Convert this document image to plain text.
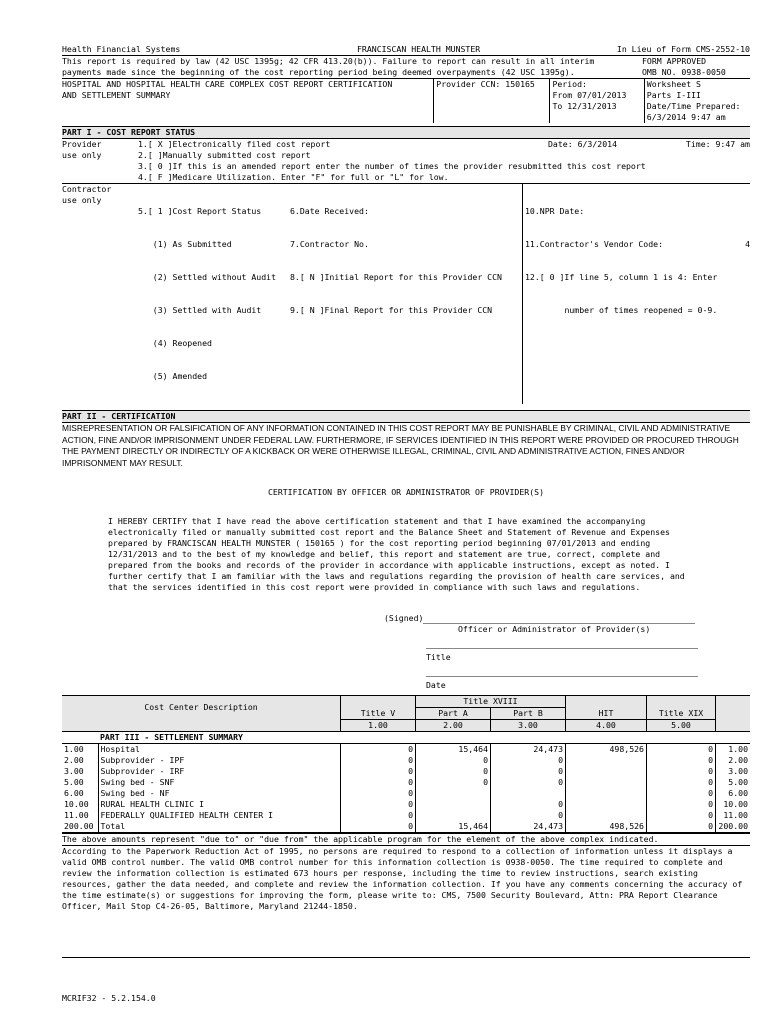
Health Financial Systems	FRANCISCAN HEALTH MUNSTER	In Lieu of Form CMS-2552-10
This report is required by law (42 USC 1395g; 42 CFR 413.20(b)). Failure to report can result in all interim	FORM APPROVED
payments made since the beginning of the cost reporting period being deemed overpayments (42 USC 1395g).	OMB NO. 0938-0050
HOSPITAL AND HOSPITAL HEALTH CARE COMPLEX COST REPORT CERTIFICATION
AND SETTLEMENT SUMMARY
Provider CCN: 150165	Period:
From 07/01/2013
To 12/31/2013
Worksheet S
Parts I-III
Date/Time Prepared:
6/3/2014 9:47 am
PART I - COST REPORT STATUS
Provider
use only
1.[ X ]Electronically filed cost report	Date: 6/3/2014	Time: 9:47 am
2.[ ]Manually submitted cost report
3.[ 0 ]If this is an amended report enter the number of times the provider resubmitted this cost report
4.[ F ]Medicare Utilization. Enter "F" for full or "L" for low.
Contractor
use only

5.[ 1 ]Cost Report Status

(1) As Submitted

(2) Settled without Audit

(3) Settled with Audit

(4) Reopened

(5) Amended

6.Date Received:

7.Contractor No.

8.[ N ]Initial Report for this Provider CCN

9.[ N ]Final Report for this Provider CCN

10.NPR Date:

11.Contractor's Vendor Code:	4

12.[ 0 ]If line 5, column 1 is 4: Enter

number of times reopened = 0-9.

PART II - CERTIFICATION
MISREPRESENTATION OR FALSIFICATION OF ANY INFORMATION CONTAINED IN THIS COST REPORT MAY BE PUNISHABLE BY CRIMINAL, CIVIL AND ADMINISTRATIVE ACTION, FINE AND/OR IMPRISONMENT UNDER FEDERAL LAW. FURTHERMORE, IF SERVICES IDENTIFIED IN THIS REPORT WERE PROVIDED OR PROCURED THROUGH THE PAYMENT DIRECTLY OR INDIRECTLY OF A KICKBACK OR WERE OTHERWISE ILLEGAL, CRIMINAL, CIVIL AND ADMINISTRATIVE ACTION, FINES AND/OR IMPRISONMENT MAY RESULT.
CERTIFICATION BY OFFICER OR ADMINISTRATOR OF PROVIDER(S)
I HEREBY CERTIFY that I have read the above certification statement and that I have examined the accompanying electronically filed or manually submitted cost report and the Balance Sheet and Statement of Revenue and Expenses prepared by FRANCISCAN HEALTH MUNSTER ( 150165 ) for the cost reporting period beginning 07/01/2013 and ending 12/31/2013 and to the best of my knowledge and belief, this report and statement are true, correct, complete and prepared from the books and records of the provider in accordance with applicable instructions, except as noted. I further certify that I am familiar with the laws and regulations regarding the provision of health care services, and that the services identified in this cost report were provided in compliance with such laws and regulations.
(Signed)
Officer or Administrator of Provider(s)
Title
Date
Cost Center Description			Title XVIII				
		Title V	Part A	Part B	HIT	Title XIX	
		1.00	2.00	3.00	4.00	5.00	
	PART III - SETTLEMENT SUMMARY						
1.00	Hospital	0	15,464	24,473	498,526	0	1.00
2.00	Subprovider - IPF	0	0	0		0	2.00
3.00	Subprovider - IRF	0	0	0		0	3.00
5.00	Swing bed - SNF	0	0	0		0	5.00
6.00	Swing bed - NF	0				0	6.00
10.00	RURAL HEALTH CLINIC I	0		0		0	10.00
11.00	FEDERALLY QUALIFIED HEALTH CENTER I	0		0		0	11.00
200.00	Total	0	15,464	24,473	498,526	0	200.00
The above amounts represent "due to" or "due from" the applicable program for the element of the above complex indicated.
According to the Paperwork Reduction Act of 1995, no persons are required to respond to a collection of information unless it displays a valid OMB control number. The valid OMB control number for this information collection is 0938-0050. The time required to complete and review the information collection is estimated 673 hours per response, including the time to review instructions, search existing resources, gather the data needed, and complete and review the information collection. If you have any comments concerning the accuracy of the time estimate(s) or suggestions for improving the form, please write to: CMS, 7500 Security Boulevard, Attn: PRA Report Clearance Officer, Mail Stop C4-26-05, Baltimore, Maryland 21244-1850.
MCRIF32 - 5.2.154.0
